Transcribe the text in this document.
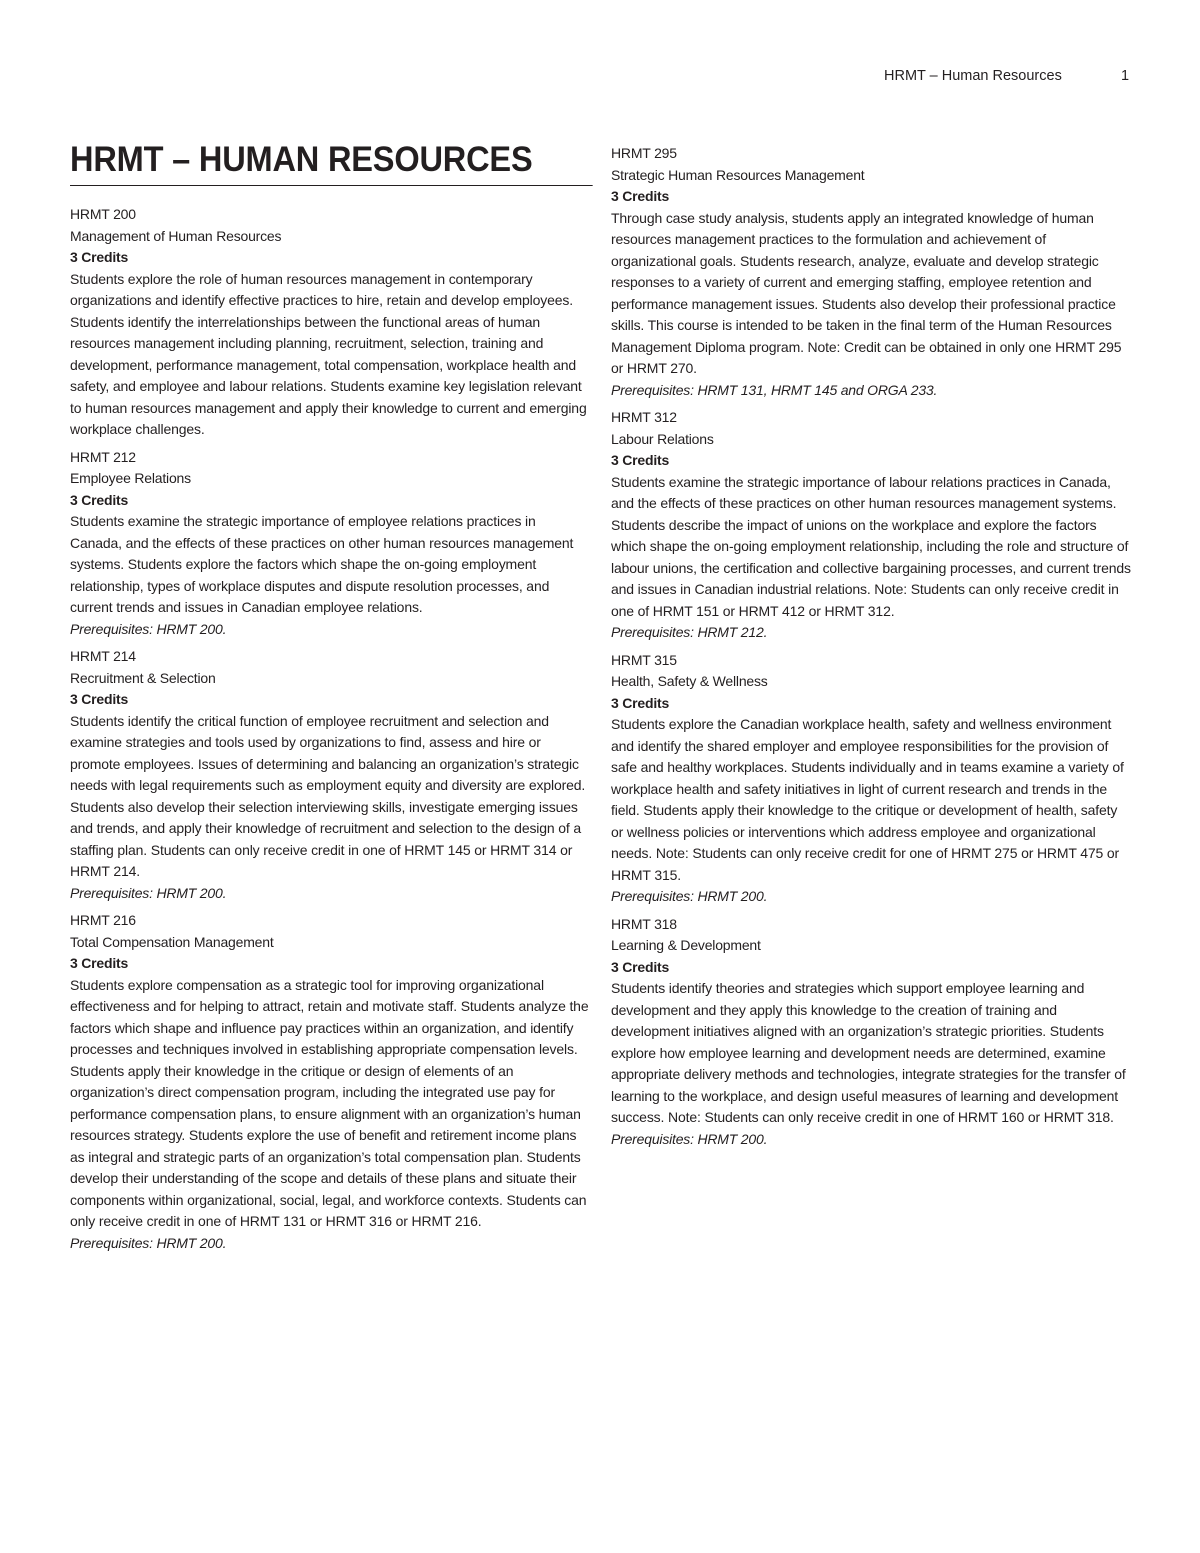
HRMT – Human Resources	1
HRMT – HUMAN RESOURCES
HRMT 200
Management of Human Resources
3 Credits
Students explore the role of human resources management in contemporary organizations and identify effective practices to hire, retain and develop employees. Students identify the interrelationships between the functional areas of human resources management including planning, recruitment, selection, training and development, performance management, total compensation, workplace health and safety, and employee and labour relations. Students examine key legislation relevant to human resources management and apply their knowledge to current and emerging workplace challenges.
HRMT 212
Employee Relations
3 Credits
Students examine the strategic importance of employee relations practices in Canada, and the effects of these practices on other human resources management systems. Students explore the factors which shape the on-going employment relationship, types of workplace disputes and dispute resolution processes, and current trends and issues in Canadian employee relations.
Prerequisites: HRMT 200.
HRMT 214
Recruitment & Selection
3 Credits
Students identify the critical function of employee recruitment and selection and examine strategies and tools used by organizations to find, assess and hire or promote employees. Issues of determining and balancing an organization’s strategic needs with legal requirements such as employment equity and diversity are explored. Students also develop their selection interviewing skills, investigate emerging issues and trends, and apply their knowledge of recruitment and selection to the design of a staffing plan. Students can only receive credit in one of HRMT 145 or HRMT 314 or HRMT 214.
Prerequisites: HRMT 200.
HRMT 216
Total Compensation Management
3 Credits
Students explore compensation as a strategic tool for improving organizational effectiveness and for helping to attract, retain and motivate staff. Students analyze the factors which shape and influence pay practices within an organization, and identify processes and techniques involved in establishing appropriate compensation levels. Students apply their knowledge in the critique or design of elements of an organization’s direct compensation program, including the integrated use pay for performance compensation plans, to ensure alignment with an organization’s human resources strategy. Students explore the use of benefit and retirement income plans as integral and strategic parts of an organization’s total compensation plan. Students develop their understanding of the scope and details of these plans and situate their components within organizational, social, legal, and workforce contexts. Students can only receive credit in one of HRMT 131 or HRMT 316 or HRMT 216.
Prerequisites: HRMT 200.
HRMT 295
Strategic Human Resources Management
3 Credits
Through case study analysis, students apply an integrated knowledge of human resources management practices to the formulation and achievement of organizational goals. Students research, analyze, evaluate and develop strategic responses to a variety of current and emerging staffing, employee retention and performance management issues. Students also develop their professional practice skills. This course is intended to be taken in the final term of the Human Resources Management Diploma program. Note: Credit can be obtained in only one HRMT 295 or HRMT 270.
Prerequisites: HRMT 131, HRMT 145 and ORGA 233.
HRMT 312
Labour Relations
3 Credits
Students examine the strategic importance of labour relations practices in Canada, and the effects of these practices on other human resources management systems. Students describe the impact of unions on the workplace and explore the factors which shape the on-going employment relationship, including the role and structure of labour unions, the certification and collective bargaining processes, and current trends and issues in Canadian industrial relations. Note: Students can only receive credit in one of HRMT 151 or HRMT 412 or HRMT 312.
Prerequisites: HRMT 212.
HRMT 315
Health, Safety & Wellness
3 Credits
Students explore the Canadian workplace health, safety and wellness environment and identify the shared employer and employee responsibilities for the provision of safe and healthy workplaces. Students individually and in teams examine a variety of workplace health and safety initiatives in light of current research and trends in the field. Students apply their knowledge to the critique or development of health, safety or wellness policies or interventions which address employee and organizational needs. Note: Students can only receive credit for one of HRMT 275 or HRMT 475 or HRMT 315.
Prerequisites: HRMT 200.
HRMT 318
Learning & Development
3 Credits
Students identify theories and strategies which support employee learning and development and they apply this knowledge to the creation of training and development initiatives aligned with an organization’s strategic priorities. Students explore how employee learning and development needs are determined, examine appropriate delivery methods and technologies, integrate strategies for the transfer of learning to the workplace, and design useful measures of learning and development success. Note: Students can only receive credit in one of HRMT 160 or HRMT 318.
Prerequisites: HRMT 200.
